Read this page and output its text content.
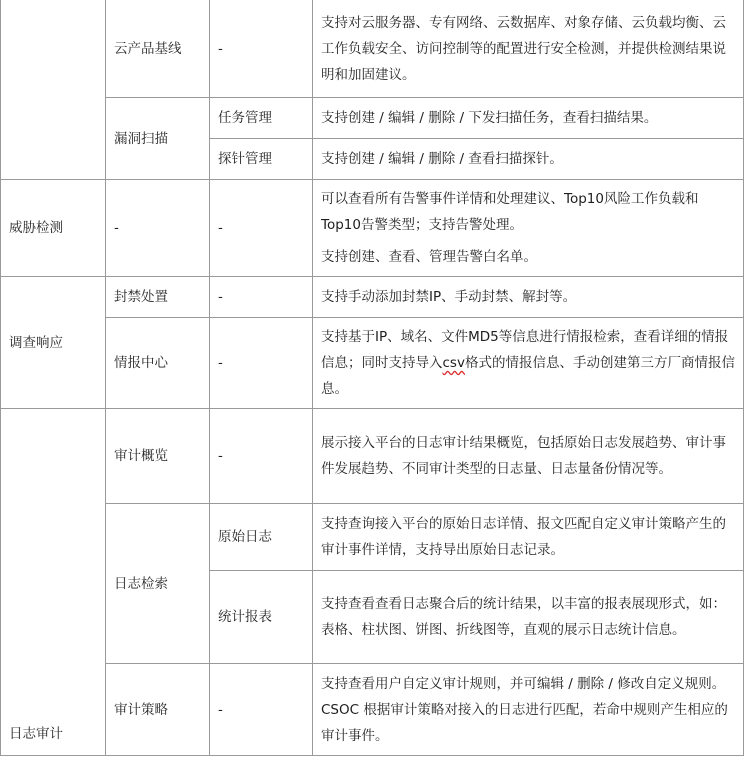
	云产品基线	-	支持对云服务器、专有网络、云数据库、对象存储、云负载均衡、云工作负载安全、访问控制等的配置进行安全检测，并提供检测结果说明和加固建议。
	漏洞扫描	任务管理	支持创建 / 编辑 / 删除 / 下发扫描任务，查看扫描结果。
		探针管理	支持创建 / 编辑 / 删除 / 查看扫描探针。
威胁检测	-	-	可以查看所有告警事件详情和处理建议、Top10风险工作负载和Top10告警类型；支持告警处理。
支持创建、查看、管理告警白名单。

调查响应	封禁处置	-	支持手动添加封禁IP、手动封禁、解封等。
	情报中心	-	支持基于IP、域名、文件MD5等信息进行情报检索，查看详细的情报信息；同时支持导入csv格式的情报信息、手动创建第三方厂商情报信息。
日志审计	审计概览	-	展示接入平台的日志审计结果概览，包括原始日志发展趋势、审计事件发展趋势、不同审计类型的日志量、日志量备份情况等。
	日志检索	原始日志	支持查询接入平台的原始日志详情、报文匹配自定义审计策略产生的审计事件详情，支持导出原始日志记录。
		统计报表	支持查看查看日志聚合后的统计结果，以丰富的报表展现形式，如：表格、柱状图、饼图、折线图等，直观的展示日志统计信息。
	审计策略	-	支持查看用户自定义审计规则，并可编辑 / 删除 / 修改自定义规则。CSOC 根据审计策略对接入的日志进行匹配，若命中规则产生相应的审计事件。
